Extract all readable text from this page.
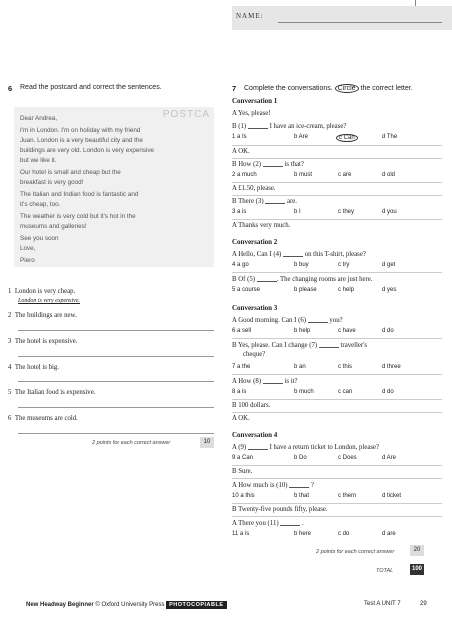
NAME:
6 Read the postcard and correct the sentences.
POSTCA
Dear Andrea,
I'm in London. I'm on holiday with my friend
Juan. London is a very beautiful city and the
buildings are very old. London is very expensive
but we like it.
Our hotel is small and cheap but the
breakfast is very good!
The Italian and Indian food is fantastic and
it's cheap, too.
The weather is very cold but it's hot in the
museums and galleries!
See you soon
Love,
Piero
1 London is very cheap.
London is very expensive.
2 The buildings are new.
3 The hotel is expensive.
4 The hotel is big.
5 The Italian food is expensive.
6 The museums are cold.
2 points for each correct answer	10
7 Complete the conversations. Circle the correct letter.
Conversation 1
A Yes, please!
B (1)	I have an ice-cream, please?
1 a Is	b Are	c Can	d The
A OK.
B How (2)	is that?
2 a much	b must	c are	d old
A £1.50, please.
B There (3)	are.
3 a is	b I	c they	d you
A Thanks very much.
Conversation 2
A Hello, Can I (4)	on this T-shirt, please?
4 a go	b buy	c try	d get
B Of (5)	. The changing rooms are just here.
5 a course	b please	c help	d yes
Conversation 3
A Good morning. Can I (6)	you?
6 a sell	b help	c have	d do
B Yes, please. Can I change (7)	traveller's
cheque?
7 a the	b an	c this	d three
A How (8)	is it?
8 a is	b much	c can	d do
B 100 dollars.
A OK.
Conversation 4
A (9)	I have a return ticket to London, please?
9 a Can	b Do	c Does	d Are
B Sure.
A How much is (10)	?
10 a this	b that	c them	d ticket
B Twenty-five pounds fifty, please.
A There you (11)	.
11 a is	b here	c do	d are
2 points for each correct answer	20
TOTAL	100
New Headway Beginner © Oxford University Press PHOTOCOPIABLE	Test A UNIT 7	29
